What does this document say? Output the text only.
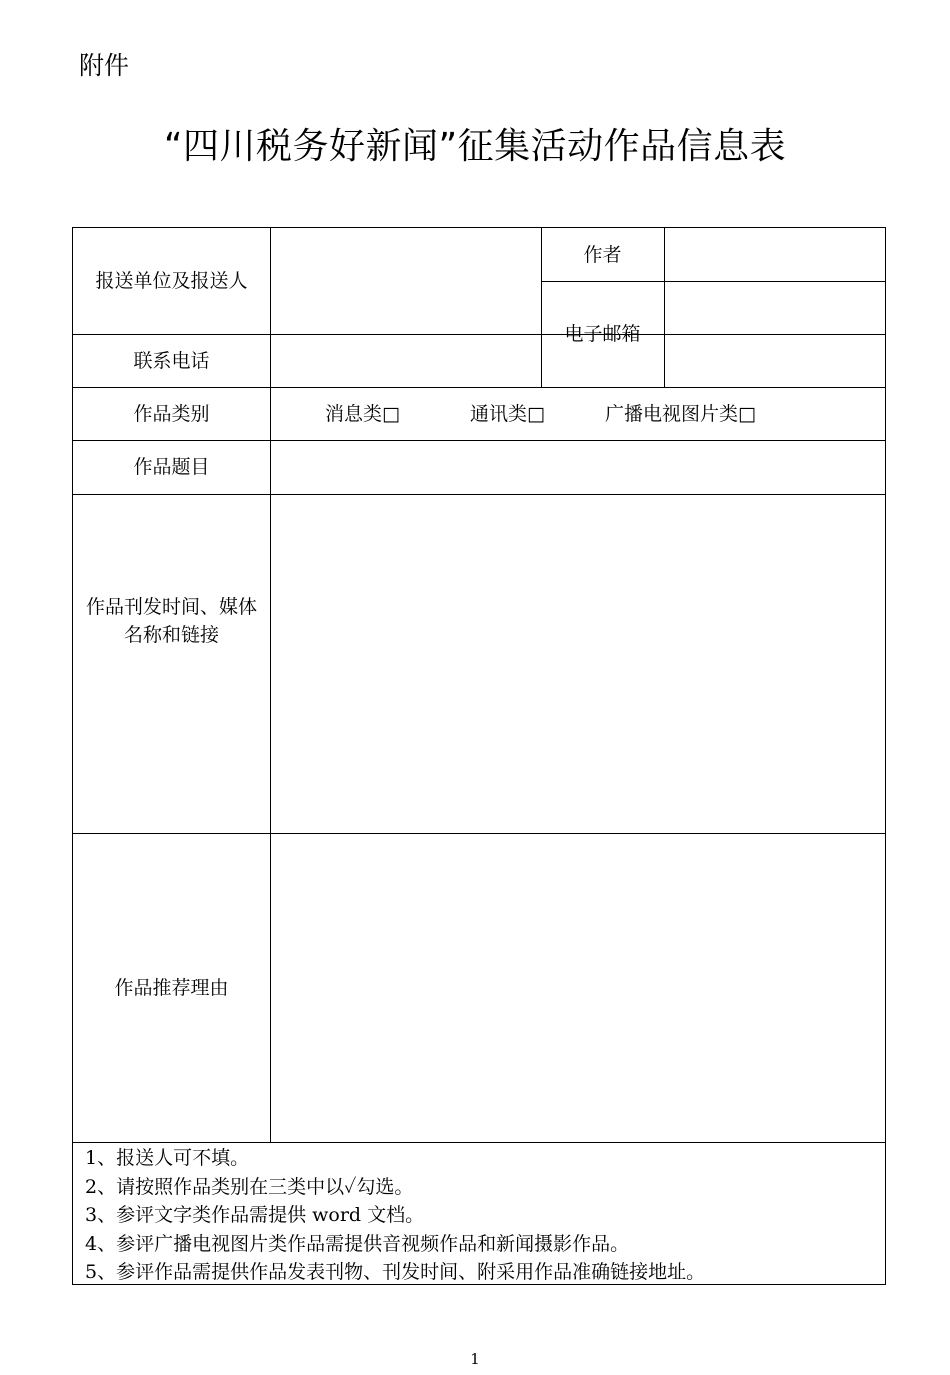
附件
“四川税务好新闻”征集活动作品信息表
报送单位及报送人
作者
电子邮箱
联系电话
作品类别
作品题目
作品刊发时间、媒体名称和链接
作品推荐理由
消息类□	通讯类□	广播电视图片类□
1、报送人可不填。
2、请按照作品类别在三类中以✓勾选。
3、参评文字类作品需提供 word 文档。
4、参评广播电视图片类作品需提供音视频作品和新闻摄影作品。
5、参评作品需提供作品发表刊物、刊发时间、附采用作品准确链接地址。
1
